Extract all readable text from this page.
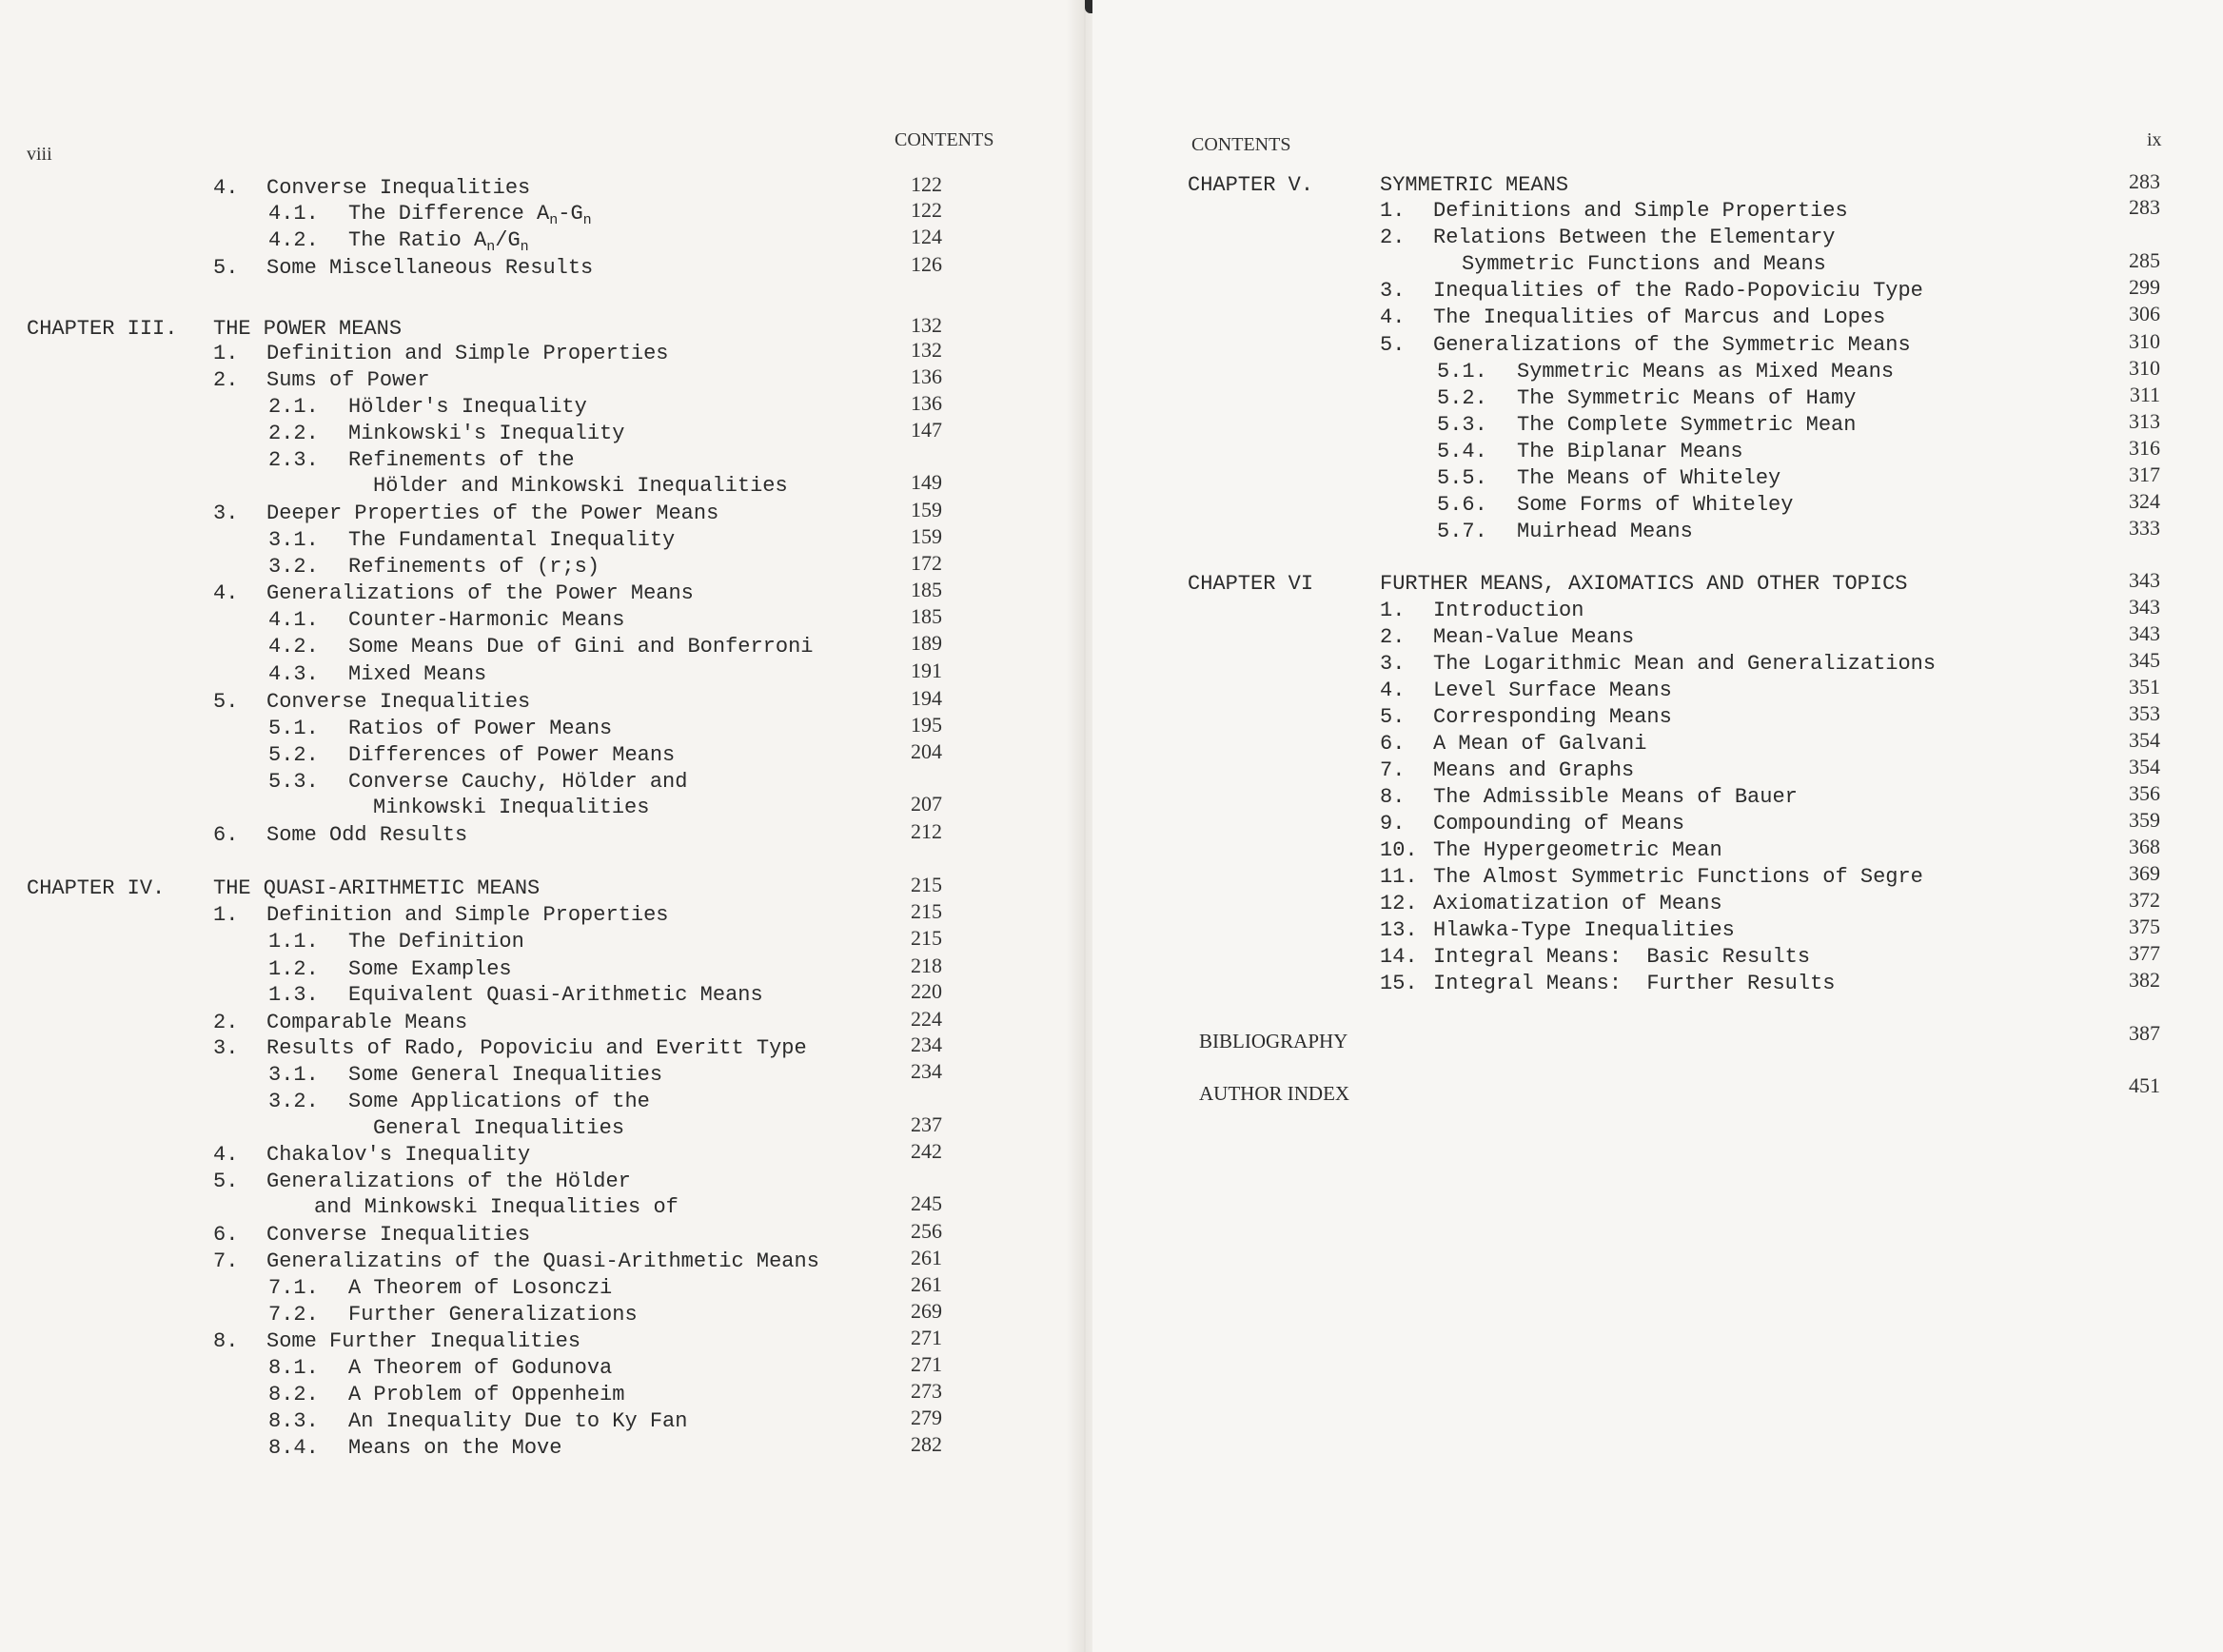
viii
CONTENTS
4. Converse Inequalities	122
4.1. The Difference $A_n-G_n$	122
4.2. The Ratio $A_n/G_n$	124
5. Some Miscellaneous Results	126
CHAPTER III. THE POWER MEANS	132
1. Definition and Simple Properties	132
2. Sums of Power	136
2.1. Hölder's Inequality	136
2.2. Minkowski's Inequality	147
2.3. Refinements of the
Hölder and Minkowski Inequalities	149
3. Deeper Properties of the Power Means	159
3.1. The Fundamental Inequality	159
3.2. Refinements of (r;s)	172
4. Generalizations of the Power Means	185
4.1. Counter-Harmonic Means	185
4.2. Some Means Due of Gini and Bonferroni	189
4.3. Mixed Means	191
5. Converse Inequalities	194
5.1. Ratios of Power Means	195
5.2. Differences of Power Means	204
5.3. Converse Cauchy, Hölder and
Minkowski Inequalities	207
6. Some Odd Results	212
CHAPTER IV. THE QUASI-ARITHMETIC MEANS	215
1. Definition and Simple Properties	215
1.1. The Definition	215
1.2. Some Examples	218
1.3. Equivalent Quasi-Arithmetic Means	220
2. Comparable Means	224
3. Results of Rado, Popoviciu and Everitt Type	234
3.1. Some General Inequalities	234
3.2. Some Applications of the
General Inequalities	237
4. Chakalov's Inequality	242
5. Generalizations of the Hölder
and Minkowski Inequalities of	245
6. Converse Inequalities	256
7. Generalizatins of the Quasi-Arithmetic Means	261
7.1. A Theorem of Losonczi	261
7.2. Further Generalizations	269
8. Some Further Inequalities	271
8.1. A Theorem of Godunova	271
8.2. A Problem of Oppenheim	273
8.3. An Inequality Due to Ky Fan	279
8.4. Means on the Move	282
ix
CONTENTS
CHAPTER V.	SYMMETRIC MEANS	283
1. Definitions and Simple Properties	283
2. Relations Between the Elementary
Symmetric Functions and Means	285
3. Inequalities of the Rado-Popoviciu Type	299
4. The Inequalities of Marcus and Lopes	306
5. Generalizations of the Symmetric Means	310
5.1. Symmetric Means as Mixed Means	310
5.2. The Symmetric Means of Hamy	311
5.3. The Complete Symmetric Mean	313
5.4. The Biplanar Means	316
5.5. The Means of Whiteley	317
5.6. Some Forms of Whiteley	324
5.7. Muirhead Means	333
CHAPTER VI	FURTHER MEANS, AXIOMATICS AND OTHER TOPICS	343
1. Introduction	343
2. Mean-Value Means	343
3. The Logarithmic Mean and Generalizations	345
4. Level Surface Means	351
5. Corresponding Means	353
6. A Mean of Galvani	354
7. Means and Graphs	354
8. The Admissible Means of Bauer	356
9. Compounding of Means	359
10. The Hypergeometric Mean	368
11. The Almost Symmetric Functions of Segre	369
12. Axiomatization of Means	372
13. Hlawka-Type Inequalities	375
14. Integral Means:  Basic Results	377
15. Integral Means:  Further Results	382
BIBLIOGRAPHY	387
AUTHOR INDEX	451
